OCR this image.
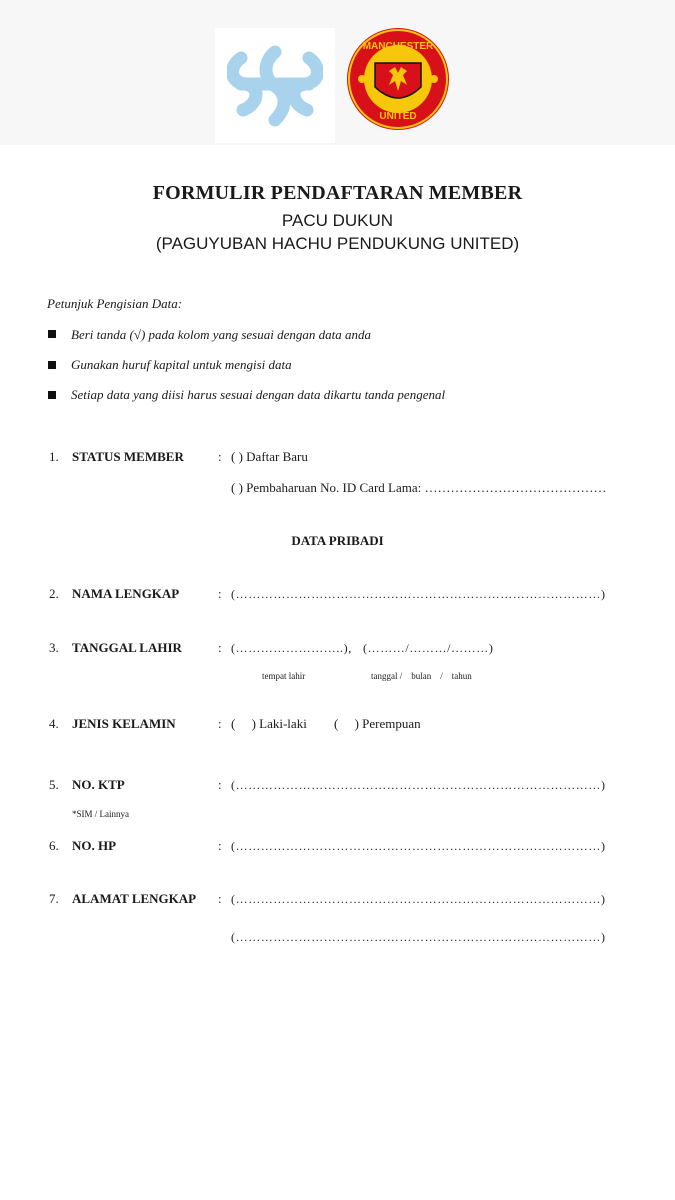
MANCHESTER
UNITED
FORMULIR PENDAFTARAN MEMBER
PACU DUKUN
(PAGUYUBAN HACHU PENDUKUNG UNITED)
Petunjuk Pengisian Data:
Beri tanda (√) pada kolom yang sesuai dengan data anda
Gunakan huruf kapital untuk mengisi data
Setiap data yang diisi harus sesuai dengan data dikartu tanda pengenal
1. STATUS MEMBER	: ( ) Daftar Baru
( ) Pembaharuan No. ID Card Lama: ……………………………………
DATA PRIBADI
2. NAMA LENGKAP	: (……………………………………………………………………………)
3. TANGGAL LAHIR	: (……………………..), (………/………/………)
tempat lahir	tanggal /    bulan    /    tahun
4. JENIS KELAMIN	: (     ) Laki-laki (     ) Perempuan
5. NO. KTP	: (……………………………………………………………………………)
*SIM / Lainnya
6. NO. HP	: (……………………………………………………………………………)
7. ALAMAT LENGKAP : (……………………………………………………………………………)
(……………………………………………………………………………)
